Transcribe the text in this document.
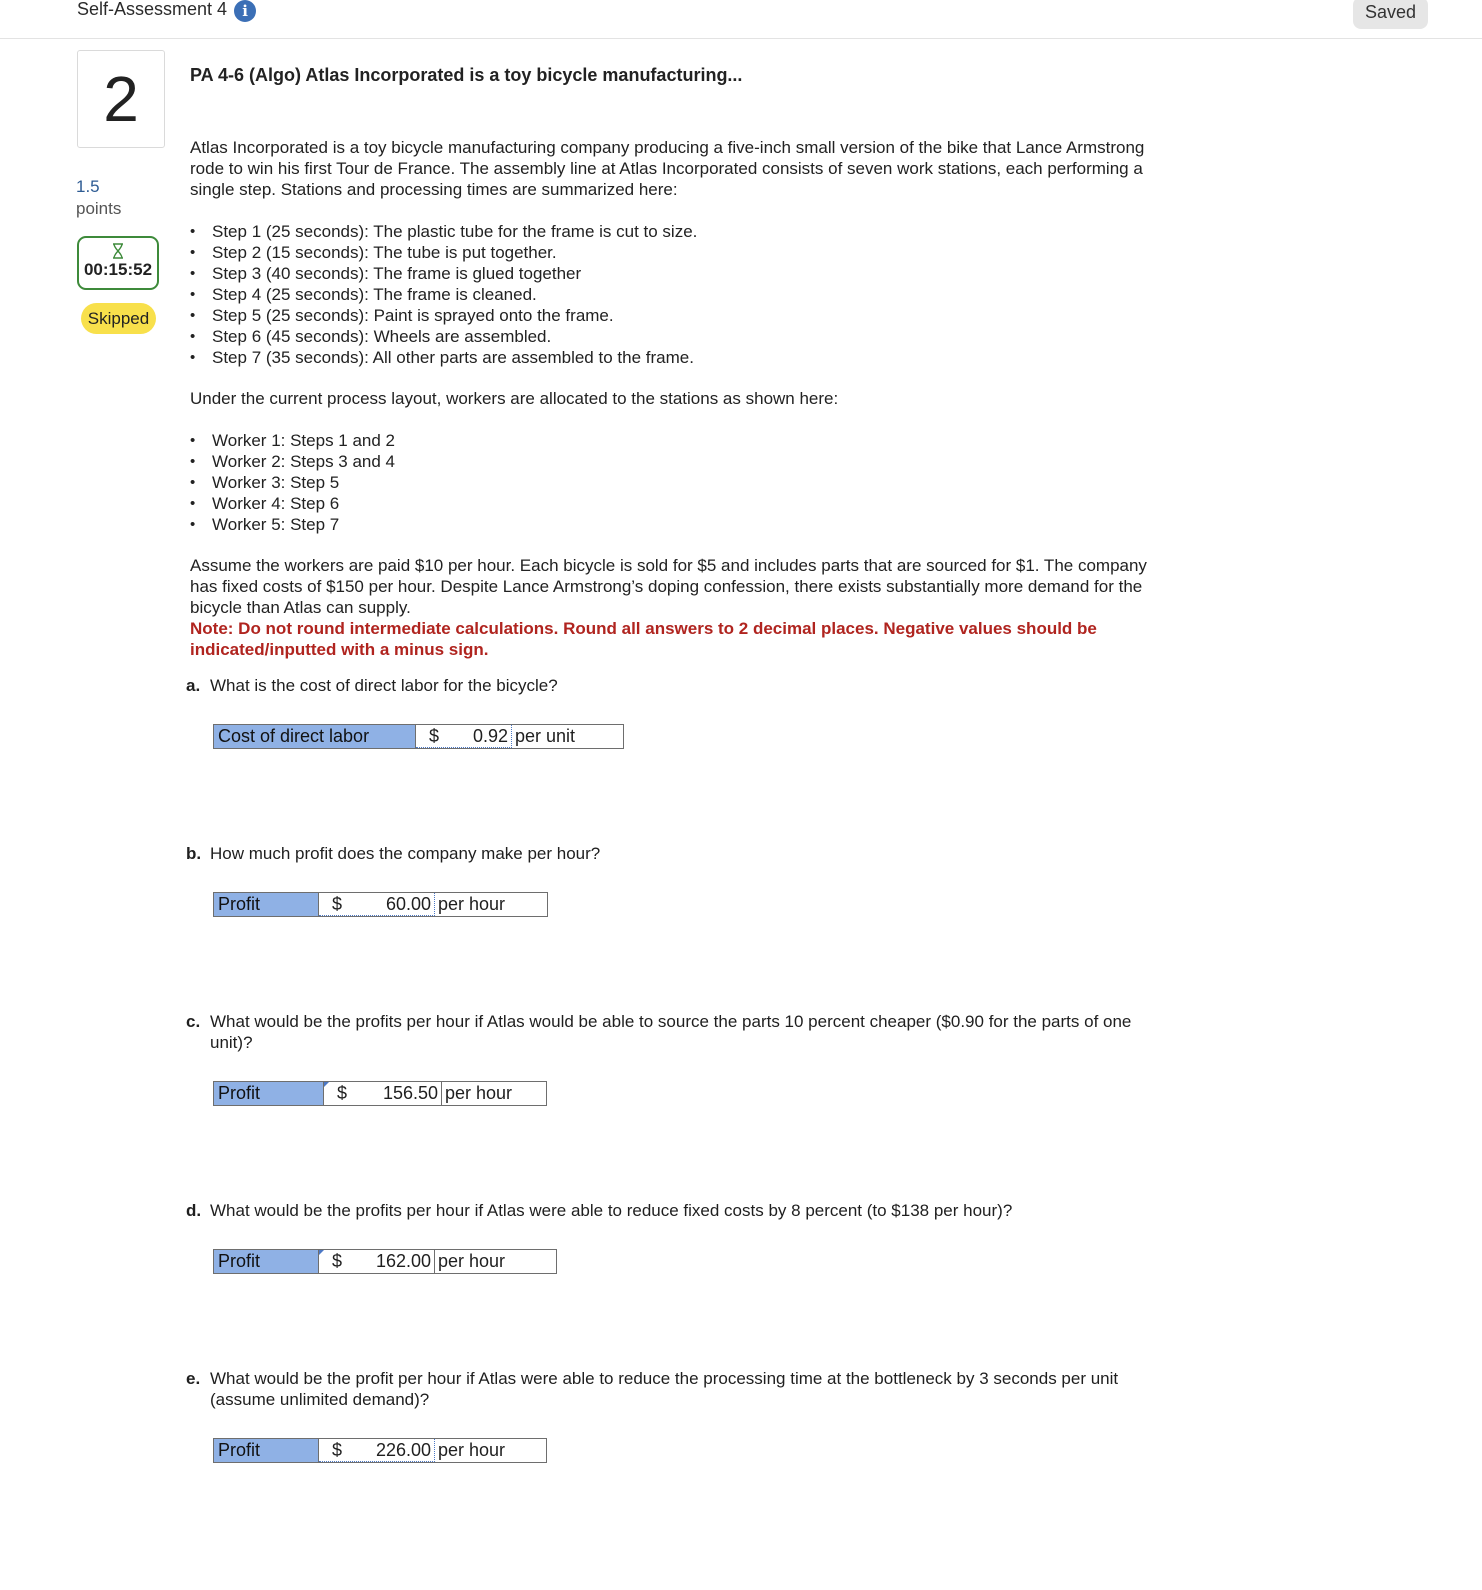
Self-Assessment 4	i	Saved
2
1.5
points
00:15:52
Skipped

PA 4-6 (Algo) Atlas Incorporated is a toy bicycle manufacturing...

Atlas Incorporated is a toy bicycle manufacturing company producing a five-inch small version of the bike that Lance Armstrong rode to win his first Tour de France. The assembly line at Atlas Incorporated consists of seven work stations, each performing a single step. Stations and processing times are summarized here:

• Step 1 (25 seconds): The plastic tube for the frame is cut to size.
• Step 2 (15 seconds): The tube is put together.
• Step 3 (40 seconds): The frame is glued together
• Step 4 (25 seconds): The frame is cleaned.
• Step 5 (25 seconds): Paint is sprayed onto the frame.
• Step 6 (45 seconds): Wheels are assembled.
• Step 7 (35 seconds): All other parts are assembled to the frame.

Under the current process layout, workers are allocated to the stations as shown here:

• Worker 1: Steps 1 and 2
• Worker 2: Steps 3 and 4
• Worker 3: Step 5
• Worker 4: Step 6
• Worker 5: Step 7

Assume the workers are paid $10 per hour. Each bicycle is sold for $5 and includes parts that are sourced for $1. The company has fixed costs of $150 per hour. Despite Lance Armstrong’s doping confession, there exists substantially more demand for the bicycle than Atlas can supply.

Note: Do not round intermediate calculations. Round all answers to 2 decimal places. Negative values should be indicated/inputted with a minus sign.

a. What is the cost of direct labor for the bicycle?
Cost of direct labor	$	0.92 per unit
b. How much profit does the company make per hour?
Profit	$	60.00 per hour
c. What would be the profits per hour if Atlas would be able to source the parts 10 percent cheaper ($0.90 for the parts of one unit)?
Profit	$	156.50 per hour
d. What would be the profits per hour if Atlas were able to reduce fixed costs by 8 percent (to $138 per hour)?
Profit	$	162.00 per hour
e. What would be the profit per hour if Atlas were able to reduce the processing time at the bottleneck by 3 seconds per unit (assume unlimited demand)?
Profit	$	226.00 per hour
